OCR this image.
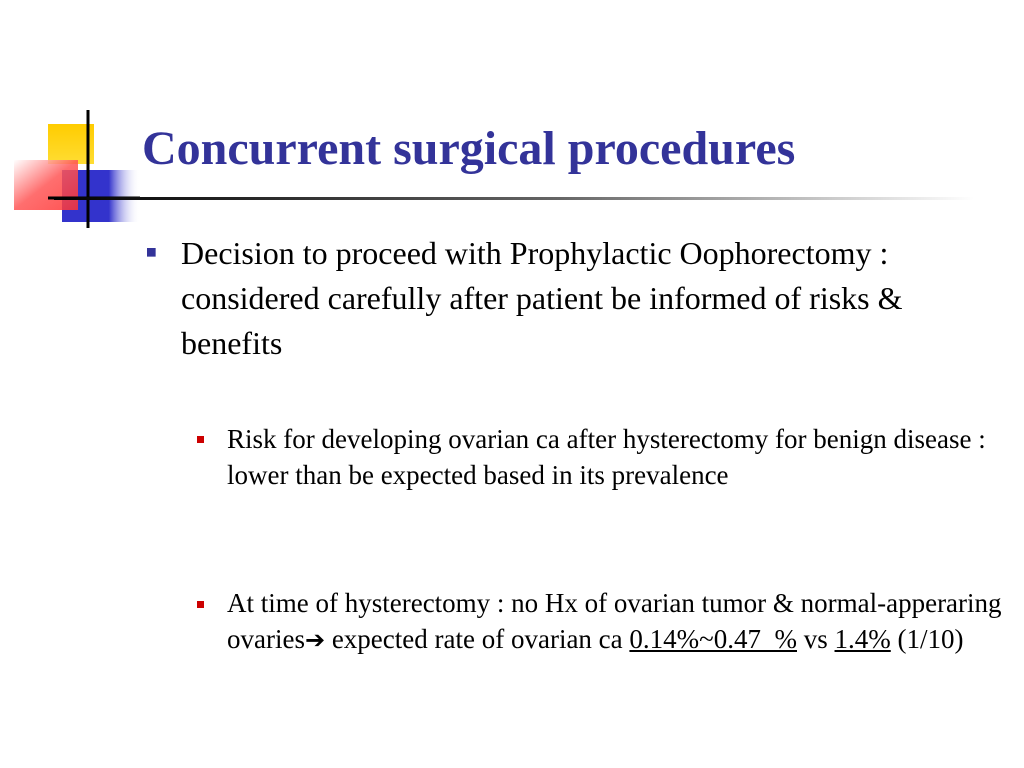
Concurrent surgical procedures
Decision to proceed with Prophylactic Oophorectomy : considered carefully after patient be informed of risks & benefits
Risk for developing ovarian ca after hysterectomy for benign disease : lower than be expected based in its prevalence
At time of hysterectomy : no Hx of ovarian tumor & normal-apperaring ovaries➔ expected rate of ovarian ca 0.14%~0.47  % vs 1.4% (1/10)
